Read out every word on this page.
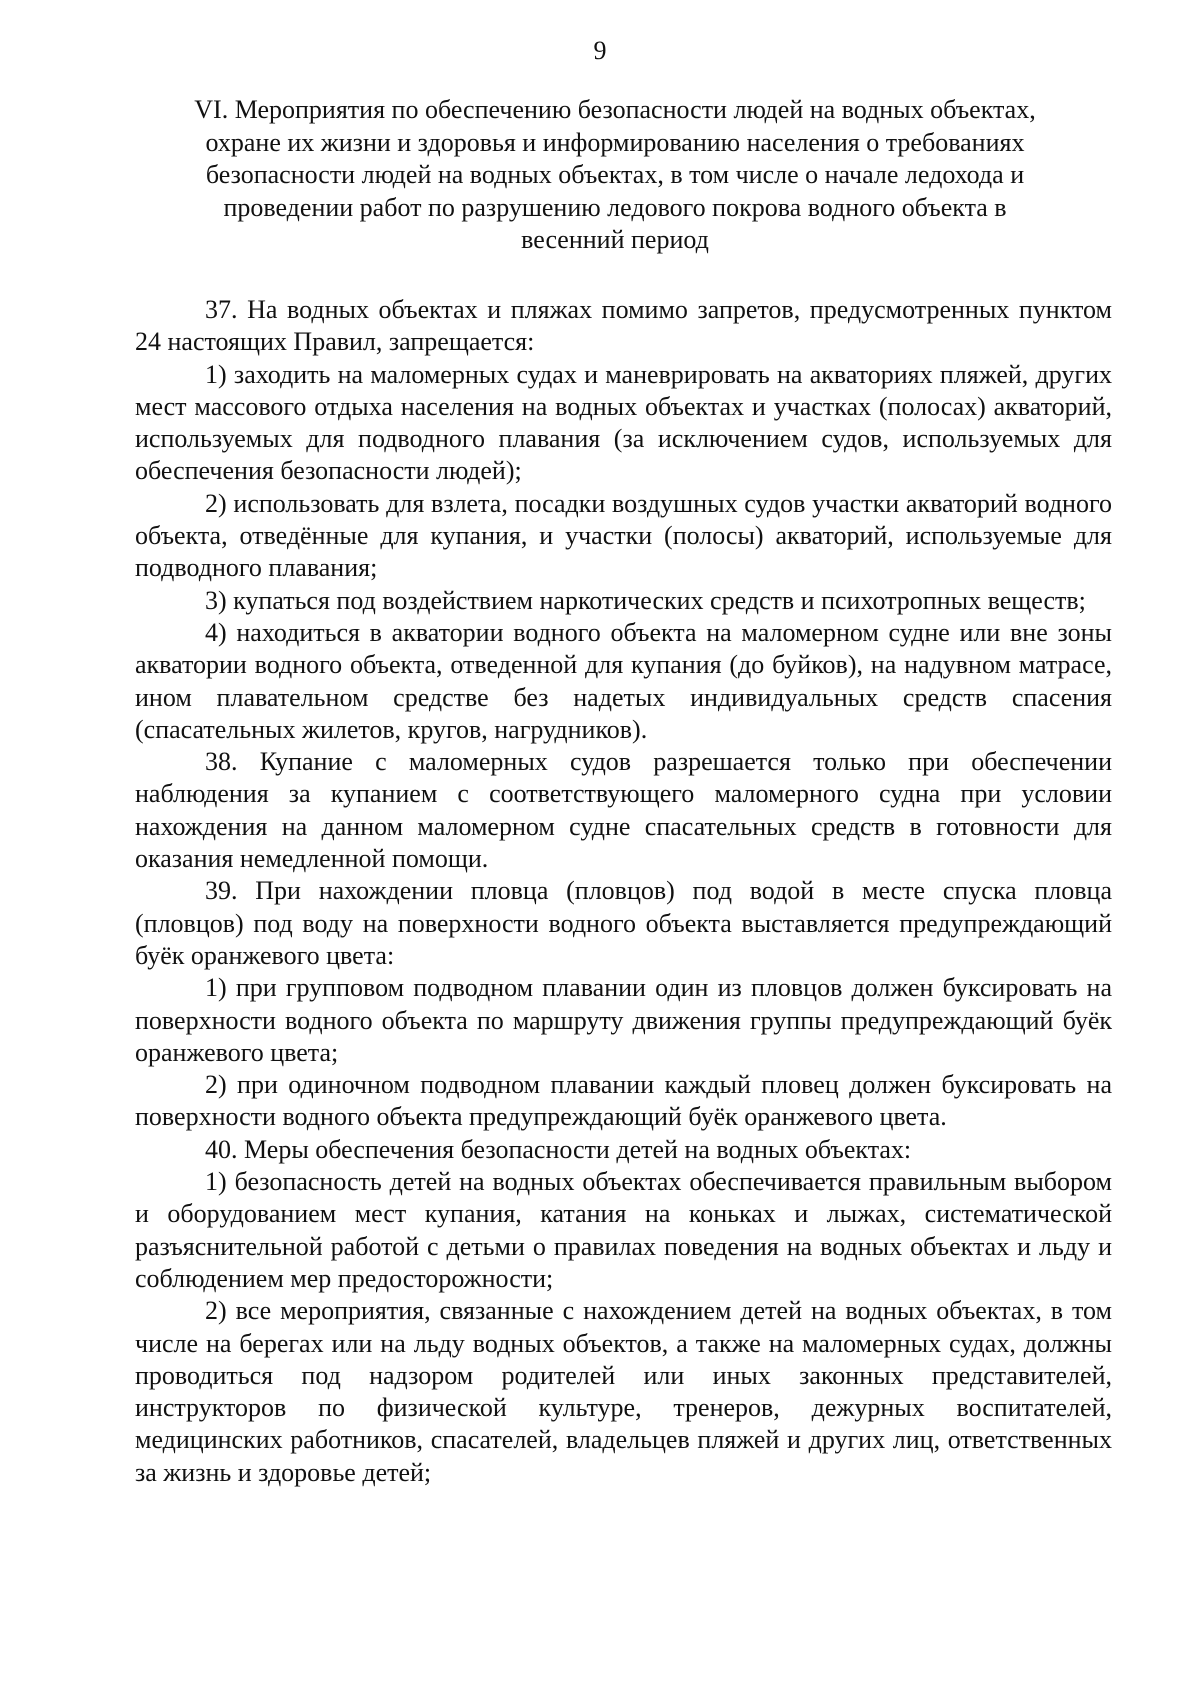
9
VI. Мероприятия по обеспечению безопасности людей на водных объектах,
охране их жизни и здоровья и информированию населения о требованиях
безопасности людей на водных объектах, в том числе о начале ледохода и
проведении работ по разрушению ледового покрова водного объекта в
весенний период

37. На водных объектах и пляжах помимо запретов, предусмотренных пунктом 24 настоящих Правил, запрещается:

1) заходить на маломерных судах и маневрировать на акваториях пляжей, других мест массового отдыха населения на водных объектах и участках (полосах) акваторий, используемых для подводного плавания (за исключением судов, используемых для обеспечения безопасности людей);

2) использовать для взлета, посадки воздушных судов участки акваторий водного объекта, отведённые для купания, и участки (полосы) акваторий, используемые для подводного плавания;

3) купаться под воздействием наркотических средств и психотропных веществ;

4) находиться в акватории водного объекта на маломерном судне или вне зоны акватории водного объекта, отведенной для купания (до буйков), на надувном матрасе, ином плавательном средстве без надетых индивидуальных средств спасения (спасательных жилетов, кругов, нагрудников).

38. Купание с маломерных судов разрешается только при обеспечении наблюдения за купанием с соответствующего маломерного судна при условии нахождения на данном маломерном судне спасательных средств в готовности для оказания немедленной помощи.

39. При нахождении пловца (пловцов) под водой в месте спуска пловца (пловцов) под воду на поверхности водного объекта выставляется предупреждающий буёк оранжевого цвета:

1) при групповом подводном плавании один из пловцов должен буксировать на поверхности водного объекта по маршруту движения группы предупреждающий буёк оранжевого цвета;

2) при одиночном подводном плавании каждый пловец должен буксировать на поверхности водного объекта предупреждающий буёк оранжевого цвета.

40. Меры обеспечения безопасности детей на водных объектах:

1) безопасность детей на водных объектах обеспечивается правильным выбором и оборудованием мест купания, катания на коньках и лыжах, систематической разъяснительной работой с детьми о правилах поведения на водных объектах и льду и соблюдением мер предосторожности;

2) все мероприятия, связанные с нахождением детей на водных объектах, в том числе на берегах или на льду водных объектов, а также на маломерных судах, должны проводиться под надзором родителей или иных законных представителей, инструкторов по физической культуре, тренеров, дежурных воспитателей, медицинских работников, спасателей, владельцев пляжей и других лиц, ответственных за жизнь и здоровье детей;
